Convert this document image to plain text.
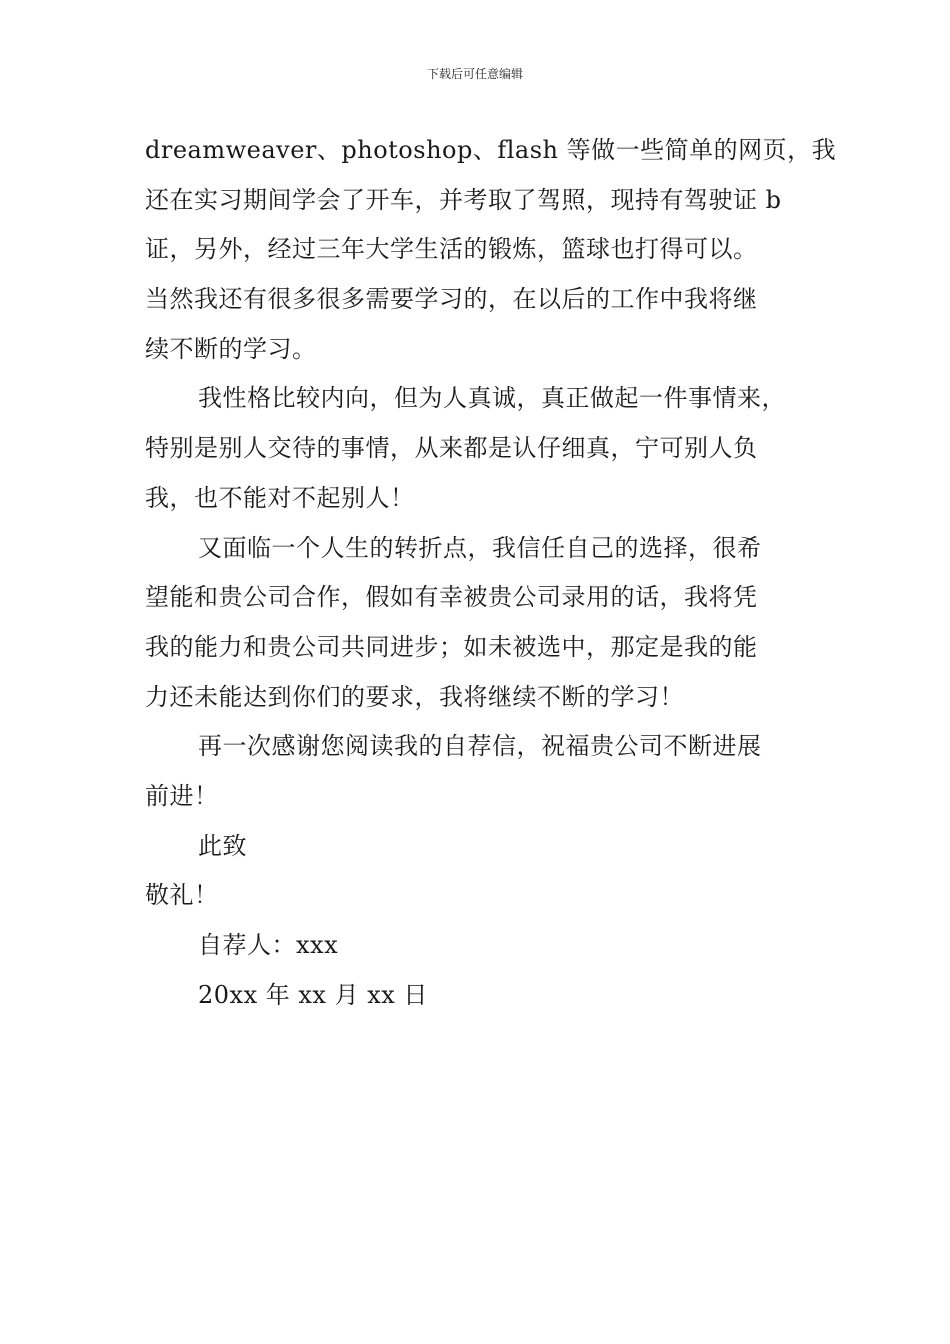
下载后可任意编辑
dreamweaver、photoshop、flash 等做一些简单的网页，我
还在实习期间学会了开车，并考取了驾照，现持有驾驶证 b
证，另外，经过三年大学生活的锻炼，篮球也打得可以。
当然我还有很多很多需要学习的，在以后的工作中我将继
续不断的学习。
我性格比较内向，但为人真诚，真正做起一件事情来，
特别是别人交待的事情，从来都是认仔细真，宁可别人负
我，也不能对不起别人！
又面临一个人生的转折点，我信任自己的选择，很希
望能和贵公司合作，假如有幸被贵公司录用的话，我将凭
我的能力和贵公司共同进步；如未被选中，那定是我的能
力还未能达到你们的要求，我将继续不断的学习！
再一次感谢您阅读我的自荐信，祝福贵公司不断进展
前进！
此致
敬礼！
自荐人：xxx
20xx 年 xx 月 xx 日
